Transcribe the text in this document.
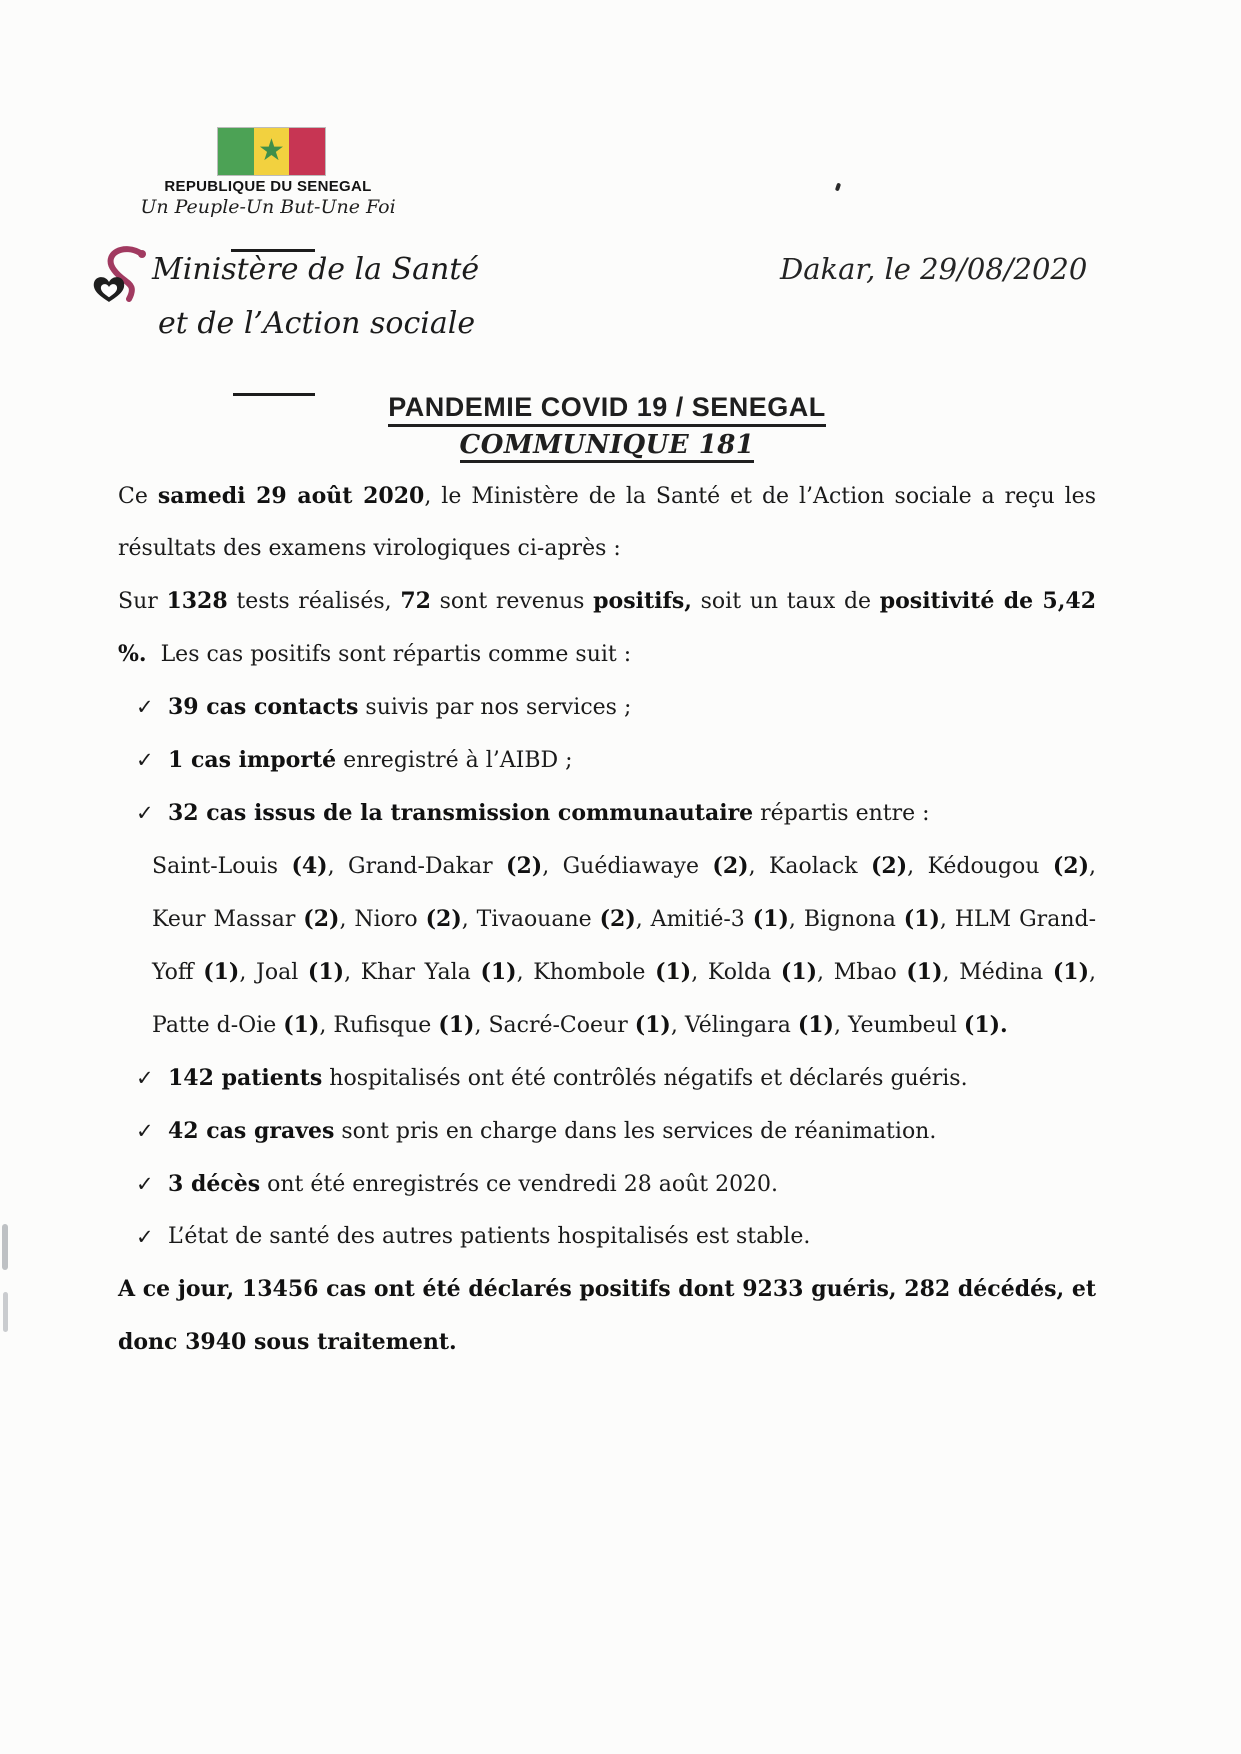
★
REPUBLIQUE DU SENEGAL
Un Peuple-Un But-Une Foi
Ministère de la Santé
et de l’Action sociale
Dakar, le 29/08/2020
PANDEMIE COVID 19 / SENEGAL
COMMUNIQUE 181

Ce samedi 29 août 2020, le Ministère de la Santé et de l’Action sociale a reçu les résultats des examens virologiques ci-après :

Sur 1328 tests réalisés, 72 sont revenus positifs, soit un taux de positivité de 5,42 %.  Les cas positifs sont répartis comme suit :

✓ 39 cas contacts suivis par nos services ;
✓ 1 cas importé enregistré à l’AIBD ;
✓ 32 cas issus de la transmission communautaire répartis entre :

Saint-Louis (4), Grand-Dakar (2), Guédiawaye (2), Kaolack (2), Kédougou (2), Keur Massar (2), Nioro (2), Tivaouane (2), Amitié-3 (1), Bignona (1), HLM Grand-Yoff (1), Joal (1), Khar Yala (1), Khombole (1), Kolda (1), Mbao (1), Médina (1), Patte d-Oie (1), Rufisque (1), Sacré-Coeur (1), Vélingara (1), Yeumbeul (1).

✓ 142 patients hospitalisés ont été contrôlés négatifs et déclarés guéris.
✓ 42 cas graves sont pris en charge dans les services de réanimation.
✓ 3 décès ont été enregistrés ce vendredi 28 août 2020.
✓ L’état de santé des autres patients hospitalisés est stable.

A ce jour, 13456 cas ont été déclarés positifs dont 9233 guéris, 282 décédés, et donc 3940 sous traitement.
